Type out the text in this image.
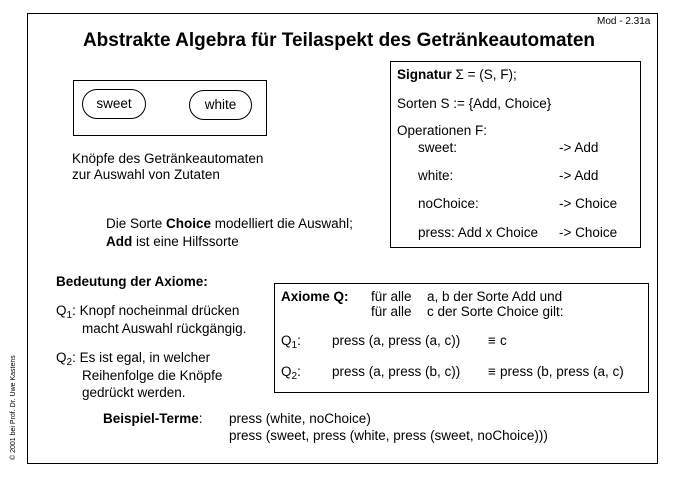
Mod - 2.31a
Abstrakte Algebra für Teilaspekt des Getränkeautomaten
sweet	white
Knöpfe des Getränkeautomaten
zur Auswahl von Zutaten
Die Sorte Choice modelliert die Auswahl;
Add ist eine Hilfssorte
Signatur Σ = (S, F);
Sorten S := {Add, Choice}
Operationen F:
sweet:	-> Add
white:	-> Add
noChoice:	-> Choice
press: Add x Choice -> Choice
Bedeutung der Axiome:
$Q_1$: Knopf nocheinmal drücken
macht Auswahl rückgängig.
$Q_2$: Es ist egal, in welcher
Reihenfolge die Knöpfe
gedrückt werden.
Axiome Q: für alle a, b der Sorte Add und
für alle c der Sorte Choice gilt:
$Q_1$: press (a, press (a, c)) ≡ c
$Q_2$: press (a, press (b, c)) ≡ press (b, press (a, c)
Beispiel-Terme: press (white, noChoice)
press (sweet, press (white, press (sweet, noChoice)))
© 2001 bei Prof. Dr. Uwe Kastens
